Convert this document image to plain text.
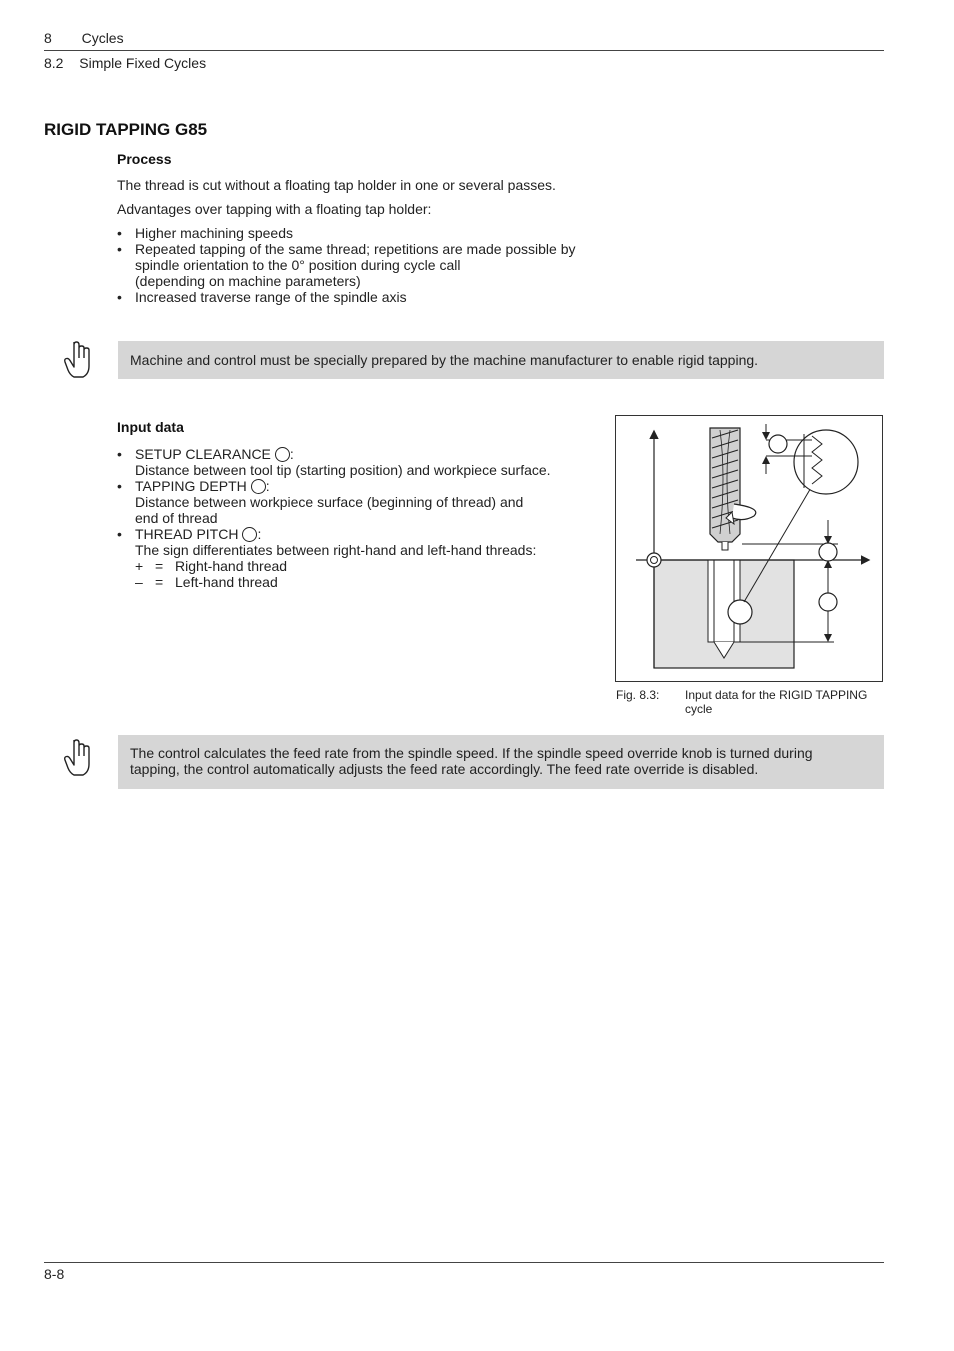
8 Cycles
8.2 Simple Fixed Cycles
RIGID TAPPING G85
Process
The thread is cut without a floating tap holder in one or several passes.
Advantages over tapping with a floating tap holder:
• Higher machining speeds
• Repeated tapping of the same thread; repetitions are made possible by
spindle orientation to the 0° position during cycle call
(depending on machine parameters)
• Increased traverse range of the spindle axis
Machine and control must be specially prepared by the machine manufacturer to enable rigid tapping.
Input data
• SETUP CLEARANCE :
Distance between tool tip (starting position) and workpiece surface.
• TAPPING DEPTH :
Distance between workpiece surface (beginning of thread) and
end of thread
• THREAD PITCH :
The sign differentiates between right-hand and left-hand threads:
+ = Right-hand thread
– = Left-hand thread
Fig. 8.3: Input data for the RIGID TAPPING
cycle
The control calculates the feed rate from the spindle speed. If the spindle speed override knob is turned during
tapping, the control automatically adjusts the feed rate accordingly. The feed rate override is disabled.
8-8
